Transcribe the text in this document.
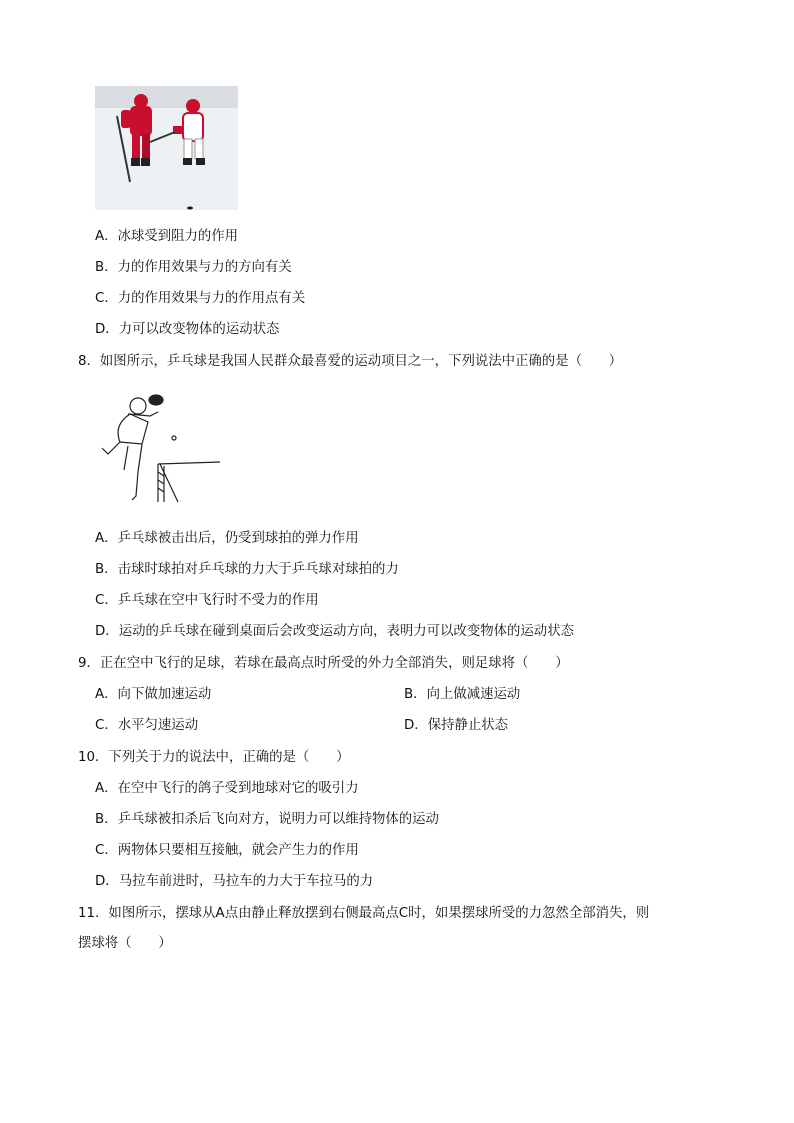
A．冰球受到阻力的作用
B．力的作用效果与力的方向有关
C．力的作用效果与力的作用点有关
D．力可以改变物体的运动状态
8．如图所示，乒乓球是我国人民群众最喜爱的运动项目之一，下列说法中正确的是（　　）
A．乒乓球被击出后，仍受到球拍的弹力作用
B．击球时球拍对乒乓球的力大于乒乓球对球拍的力
C．乒乓球在空中飞行时不受力的作用
D．运动的乒乓球在碰到桌面后会改变运动方向，表明力可以改变物体的运动状态
9．正在空中飞行的足球，若球在最高点时所受的外力全部消失，则足球将（　　）
A．向下做加速运动	B．向上做减速运动
C．水平匀速运动	D．保持静止状态
10．下列关于力的说法中，正确的是（　　）
A．在空中飞行的鸽子受到地球对它的吸引力
B．乒乓球被扣杀后飞向对方，说明力可以维持物体的运动
C．两物体只要相互接触，就会产生力的作用
D．马拉车前进时，马拉车的力大于车拉马的力
11．如图所示，摆球从A点由静止释放摆到右侧最高点C时，如果摆球所受的力忽然全部消失，则
摆球将（　　）
